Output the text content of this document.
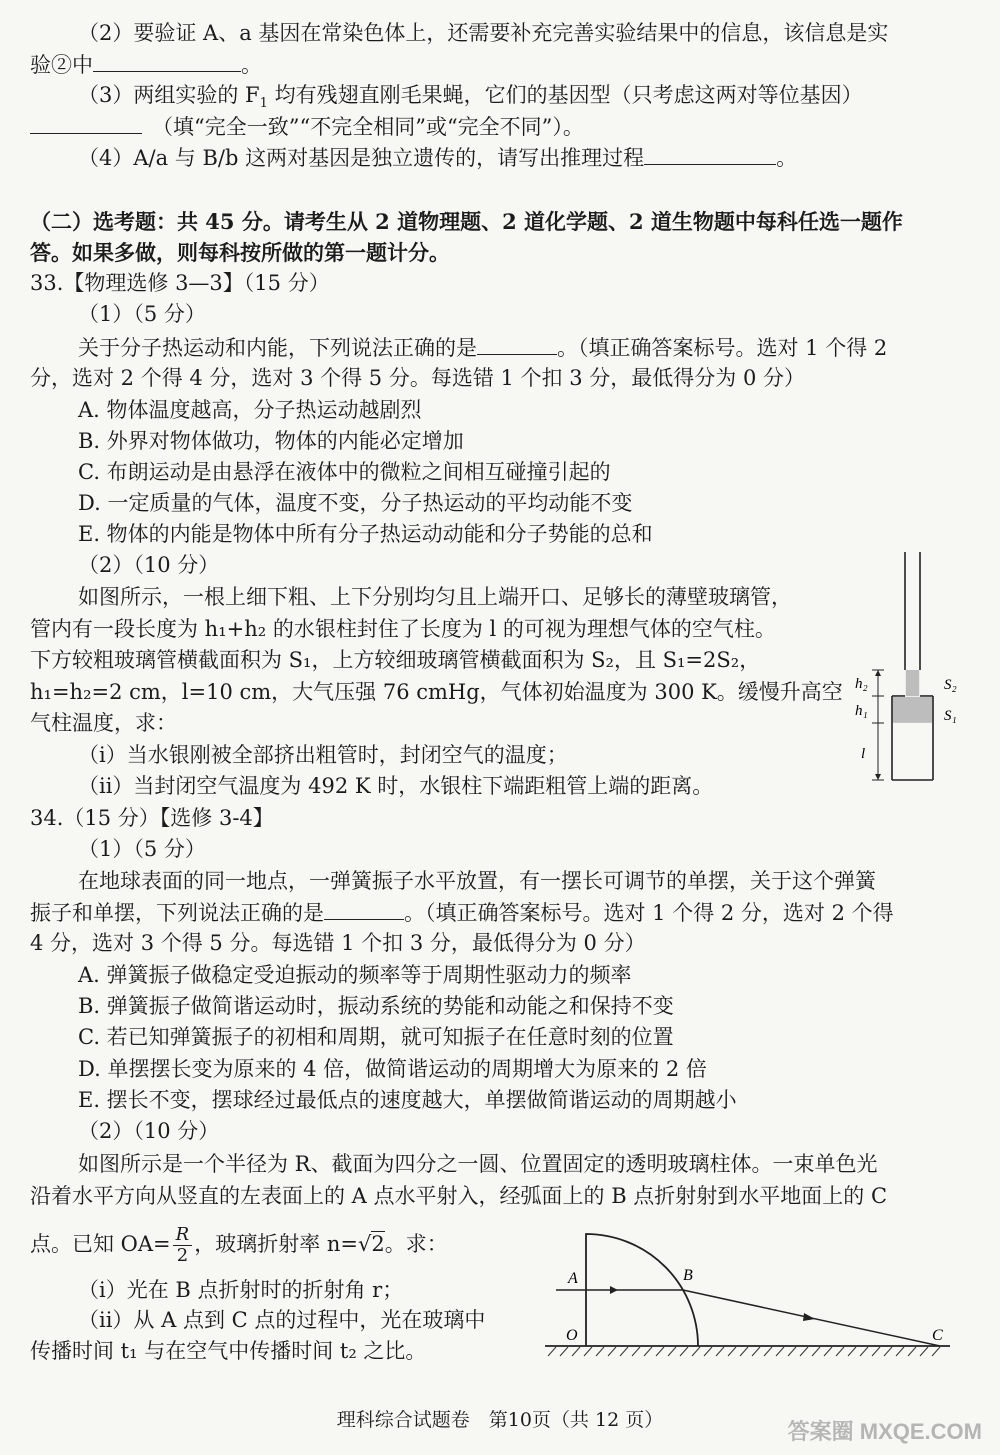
（2）要验证 A、a 基因在常染色体上，还需要补充完善实验结果中的信息，该信息是实
验②中	。
（3）两组实验的 $F_1$ 均有残翅直刚毛果蝇，它们的基因型（只考虑这两对等位基因）
（填“完全一致”“不完全相同”或“完全不同”）。
（4）A/a 与 B/b 这两对基因是独立遗传的，请写出推理过程	。
（二）选考题：共 45 分。请考生从 2 道物理题、2 道化学题、2 道生物题中每科任选一题作
答。如果多做，则每科按所做的第一题计分。
33.【物理选修 3—3】（15 分）
（1）（5 分）
关于分子热运动和内能，下列说法正确的是	。（填正确答案标号。选对 1 个得 2
分，选对 2 个得 4 分，选对 3 个得 5 分。每选错 1 个扣 3 分，最低得分为 0 分）
A. 物体温度越高，分子热运动越剧烈
B. 外界对物体做功，物体的内能必定增加
C. 布朗运动是由悬浮在液体中的微粒之间相互碰撞引起的
D. 一定质量的气体，温度不变，分子热运动的平均动能不变
E. 物体的内能是物体中所有分子热运动动能和分子势能的总和
（2）（10 分）
如图所示，一根上细下粗、上下分别均匀且上端开口、足够长的薄壁玻璃管，
管内有一段长度为 h₁+h₂ 的水银柱封住了长度为 l 的可视为理想气体的空气柱。
下方较粗玻璃管横截面积为 S₁，上方较细玻璃管横截面积为 S₂，且 S₁=2S₂，
h₁=h₂=2 cm，l=10 cm，大气压强 76 cmHg，气体初始温度为 300 K。缓慢升高空
气柱温度，求：
（i）当水银刚被全部挤出粗管时，封闭空气的温度；
（ii）当封闭空气温度为 492 K 时，水银柱下端距粗管上端的距离。
h₂
h₁
l
S₂
S₁
34.（15 分）【选修 3-4】
（1）（5 分）
在地球表面的同一地点，一弹簧振子水平放置，有一摆长可调节的单摆，关于这个弹簧
振子和单摆，下列说法正确的是	。（填正确答案标号。选对 1 个得 2 分，选对 2 个得
4 分，选对 3 个得 5 分。每选错 1 个扣 3 分，最低得分为 0 分）
A. 弹簧振子做稳定受迫振动的频率等于周期性驱动力的频率
B. 弹簧振子做简谐运动时，振动系统的势能和动能之和保持不变
C. 若已知弹簧振子的初相和周期，就可知振子在任意时刻的位置
D. 单摆摆长变为原来的 4 倍，做简谐运动的周期增大为原来的 2 倍
E. 摆长不变，摆球经过最低点的速度越大，单摆做简谐运动的周期越小
（2）（10 分）
如图所示是一个半径为 R、截面为四分之一圆、位置固定的透明玻璃柱体。一束单色光
沿着水平方向从竖直的左表面上的 A 点水平射入，经弧面上的 B 点折射射到水平地面上的 C
点。已知 $OA= \frac{R}{2}$ ，玻璃折射率 n=√2。求：
（i）光在 B 点折射时的折射角 r；
（ii）从 A 点到 C 点的过程中，光在玻璃中
传播时间 t₁ 与在空气中传播时间 t₂ 之比。
A	B
O	C
理科综合试题卷　第10页（共 12 页）	答案圈 MXQE.COM
